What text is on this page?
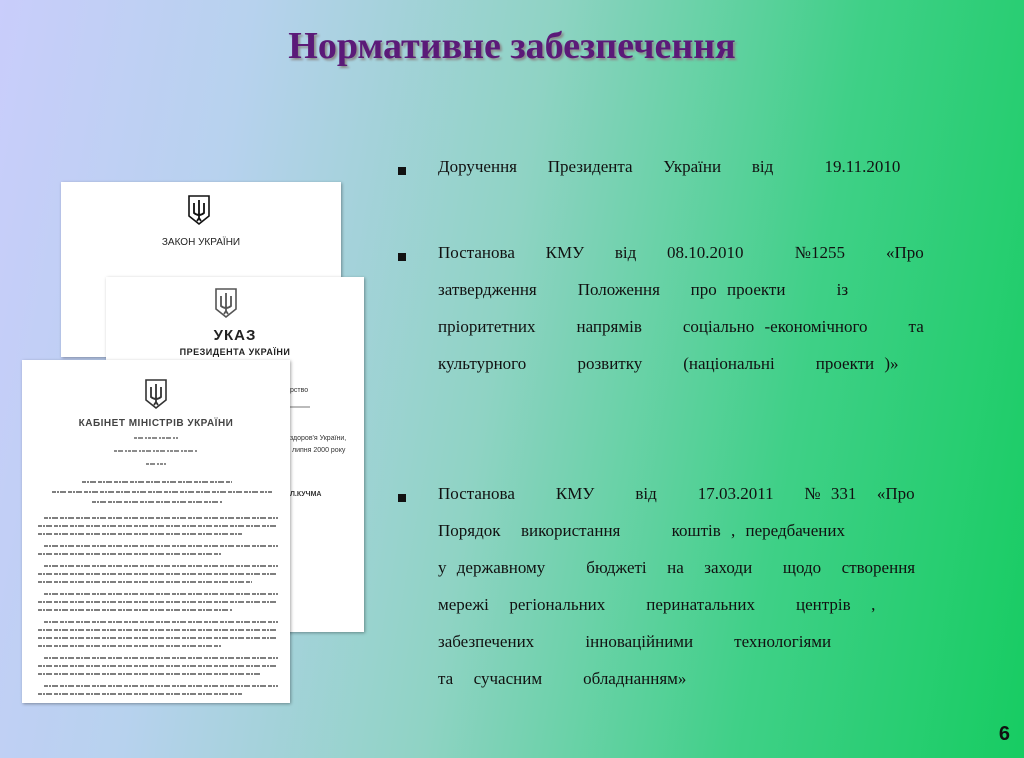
Нормативне забезпечення
ЗАКОН УКРАЇНИ
УКАЗ
ПРЕЗИДЕНТА УКРАЇНИ
рство
здоров'я України,
липня 2000 року
Л.КУЧМА
КАБІНЕТ МІНІСТРІВ УКРАЇНИ
Доручення   Президента   України   від     19.11.2010
Постанова   КМУ   від   08.10.2010     №1255    «Про
затвердження    Положення   про проекти     із
пріоритетних    напрямів    соціально -економічного    та
культурного     розвитку    (національні    проекти )»
Постанова    КМУ    від    17.03.2011   № 331  «Про
Порядок  використання     коштів , передбачених
у державному    бюджеті  на  заходи   щодо  створення
мережі  регіональних    перинатальних    центрів  ,
забезпечених     інноваційними    технологіями
та  сучасним    обладнанням»
6
